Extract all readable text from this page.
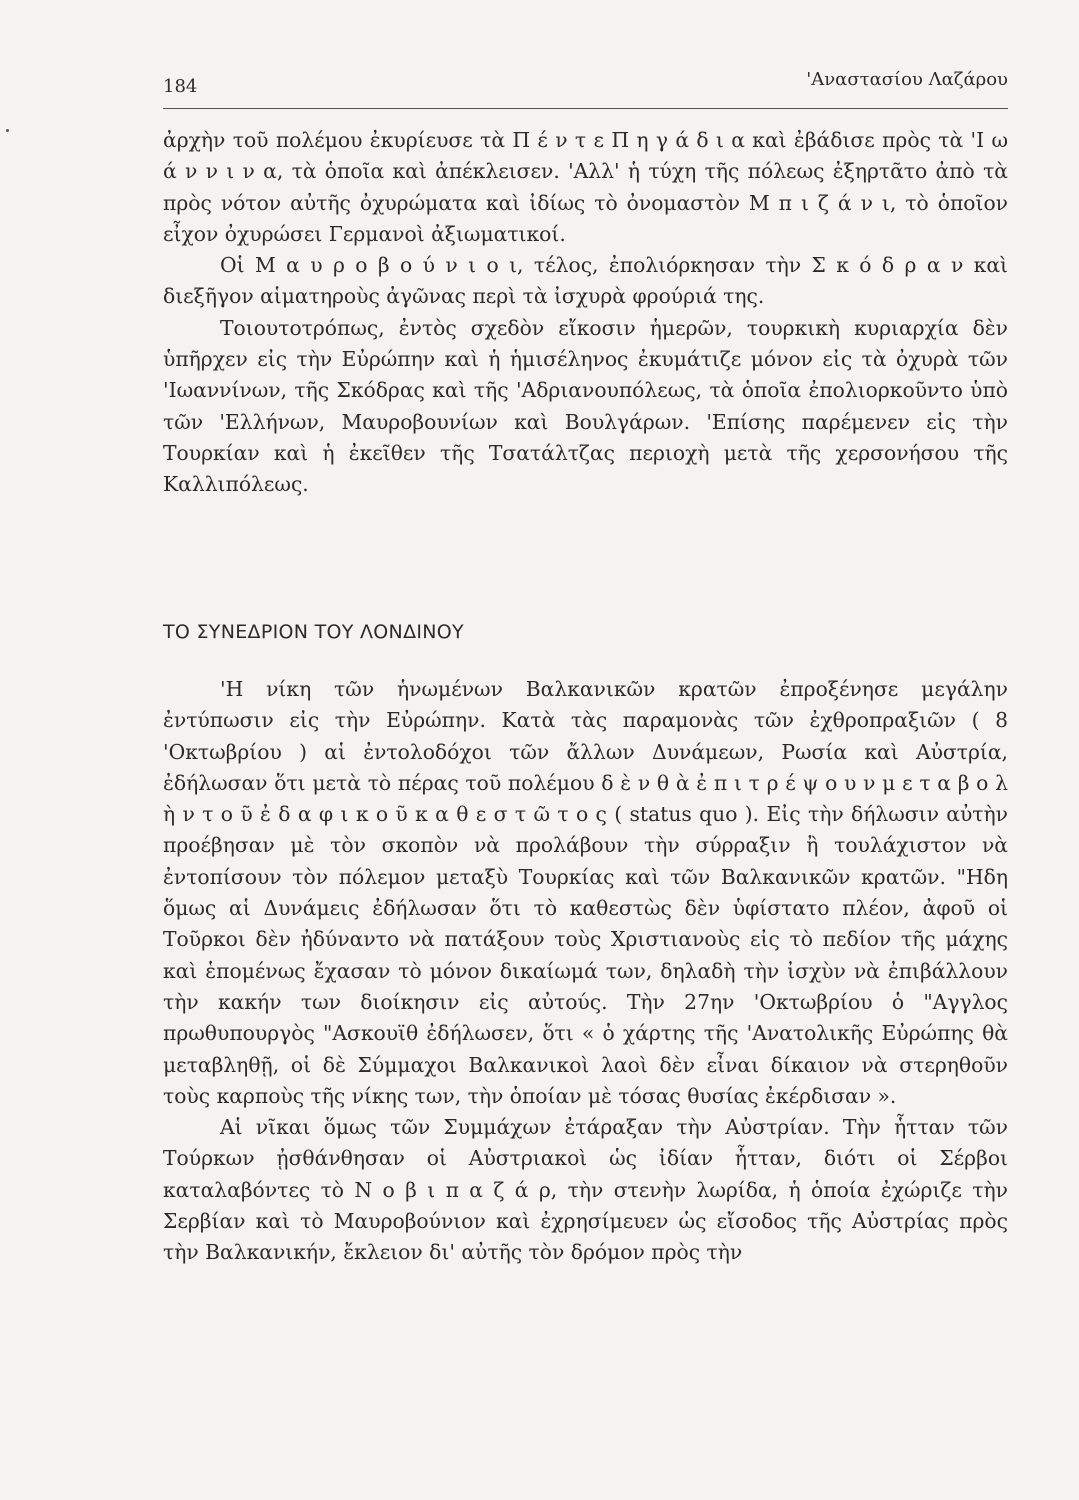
184	'Αναστασίου Λαζάρου

ἀρχὴν τοῦ πολέμου ἐκυρίευσε τὰ Π έ ν τ ε Π η γ ά δ ι α καὶ ἐβάδισε πρὸς τὰ 'Ι ω ά ν ν ι ν α, τὰ ὁποῖα καὶ ἀπέκλεισεν. 'Αλλ' ἡ τύχη τῆς πόλεως ἐξηρτᾶτο ἀπὸ τὰ πρὸς νότον αὐτῆς ὀχυρώματα καὶ ἰδίως τὸ ὀνομαστὸν Μ π ι ζ ά ν ι, τὸ ὁποῖον εἶχον ὀχυρώσει Γερμανοὶ ἀξιωματικοί.

Οἱ Μ α υ ρ ο β ο ύ ν ι ο ι, τέλος, ἐπολιόρκησαν τὴν Σ κ ό δ ρ α ν καὶ διεξῆγον αἱματηροὺς ἀγῶνας περὶ τὰ ἰσχυρὰ φρούριά της.

Τοιουτοτρόπως, ἐντὸς σχεδὸν εἴκοσιν ἡμερῶν, τουρκικὴ κυριαρχία δὲν ὑπῆρχεν εἰς τὴν Εὐρώπην καὶ ἡ ἡμισέληνος ἐκυμάτιζε μόνον εἰς τὰ ὀχυρὰ τῶν 'Ιωαννίνων, τῆς Σκόδρας καὶ τῆς 'Αδριανουπόλεως, τὰ ὁποῖα ἐπολιορκοῦντο ὑπὸ τῶν 'Ελλήνων, Μαυροβουνίων καὶ Βουλγάρων. 'Επίσης παρέμενεν εἰς τὴν Τουρκίαν καὶ ἡ ἐκεῖθεν τῆς Τσατάλτζας περιοχὴ μετὰ τῆς χερσονήσου τῆς Καλλιπόλεως.

ΤΟ ΣΥΝΕΔΡΙΟΝ ΤΟΥ ΛΟΝΔΙΝΟΥ

'Η νίκη τῶν ἡνωμένων Βαλκανικῶν κρατῶν ἐπροξένησε μεγάλην ἐντύπωσιν εἰς τὴν Εὐρώπην. Κατὰ τὰς παραμονὰς τῶν ἐχθροπραξιῶν ( 8 'Οκτωβρίου ) αἱ ἐντολοδόχοι τῶν ἄλλων Δυνάμεων, Ρωσία καὶ Αὐστρία, ἐδήλωσαν ὅτι μετὰ τὸ πέρας τοῦ πολέμου δ ὲ ν θ ὰ ἐ π ι τ ρ έ ψ ο υ ν μ ε τ α β ο λ ὴ ν τ ο ῦ ἐ δ α φ ι κ ο ῦ κ α θ ε σ τ ῶ τ ο ς ( status quo ). Εἰς τὴν δήλωσιν αὐτὴν προέβησαν μὲ τὸν σκοπὸν νὰ προλάβουν τὴν σύρραξιν ἢ τουλάχιστον νὰ ἐντοπίσουν τὸν πόλεμον μεταξὺ Τουρκίας καὶ τῶν Βαλκανικῶν κρατῶν. "Ηδη ὅμως αἱ Δυνάμεις ἐδήλωσαν ὅτι τὸ καθεστὼς δὲν ὑφίστατο πλέον, ἀφοῦ οἱ Τοῦρκοι δὲν ἠδύναντο νὰ πατάξουν τοὺς Χριστιανοὺς εἰς τὸ πεδίον τῆς μάχης καὶ ἑπομένως ἔχασαν τὸ μόνον δικαίωμά των, δηλαδὴ τὴν ἰσχὺν νὰ ἐπιβάλλουν τὴν κακήν των διοίκησιν εἰς αὐτούς. Τὴν 27ην 'Οκτωβρίου ὁ "Αγγλος πρωθυπουργὸς "Ασκουϊθ ἐδήλωσεν, ὅτι « ὁ χάρτης τῆς 'Ανατολικῆς Εὐρώπης θὰ μεταβληθῇ, οἱ δὲ Σύμμαχοι Βαλκανικοὶ λαοὶ δὲν εἶναι δίκαιον νὰ στερηθοῦν τοὺς καρποὺς τῆς νίκης των, τὴν ὁποίαν μὲ τόσας θυσίας ἐκέρδισαν ».

Αἱ νῖκαι ὅμως τῶν Συμμάχων ἐτάραξαν τὴν Αὐστρίαν. Τὴν ἧτταν τῶν Τούρκων ᾐσθάνθησαν οἱ Αὐστριακοὶ ὡς ἰδίαν ἧτταν, διότι οἱ Σέρβοι καταλαβόντες τὸ Ν ο β ι π α ζ ά ρ, τὴν στενὴν λωρίδα, ἡ ὁποία ἐχώριζε τὴν Σερβίαν καὶ τὸ Μαυροβούνιον καὶ ἐχρησίμευεν ὡς εἴσοδος τῆς Αὐστρίας πρὸς τὴν Βαλκανικήν, ἔκλειον δι' αὐτῆς τὸν δρόμον πρὸς τὴν
